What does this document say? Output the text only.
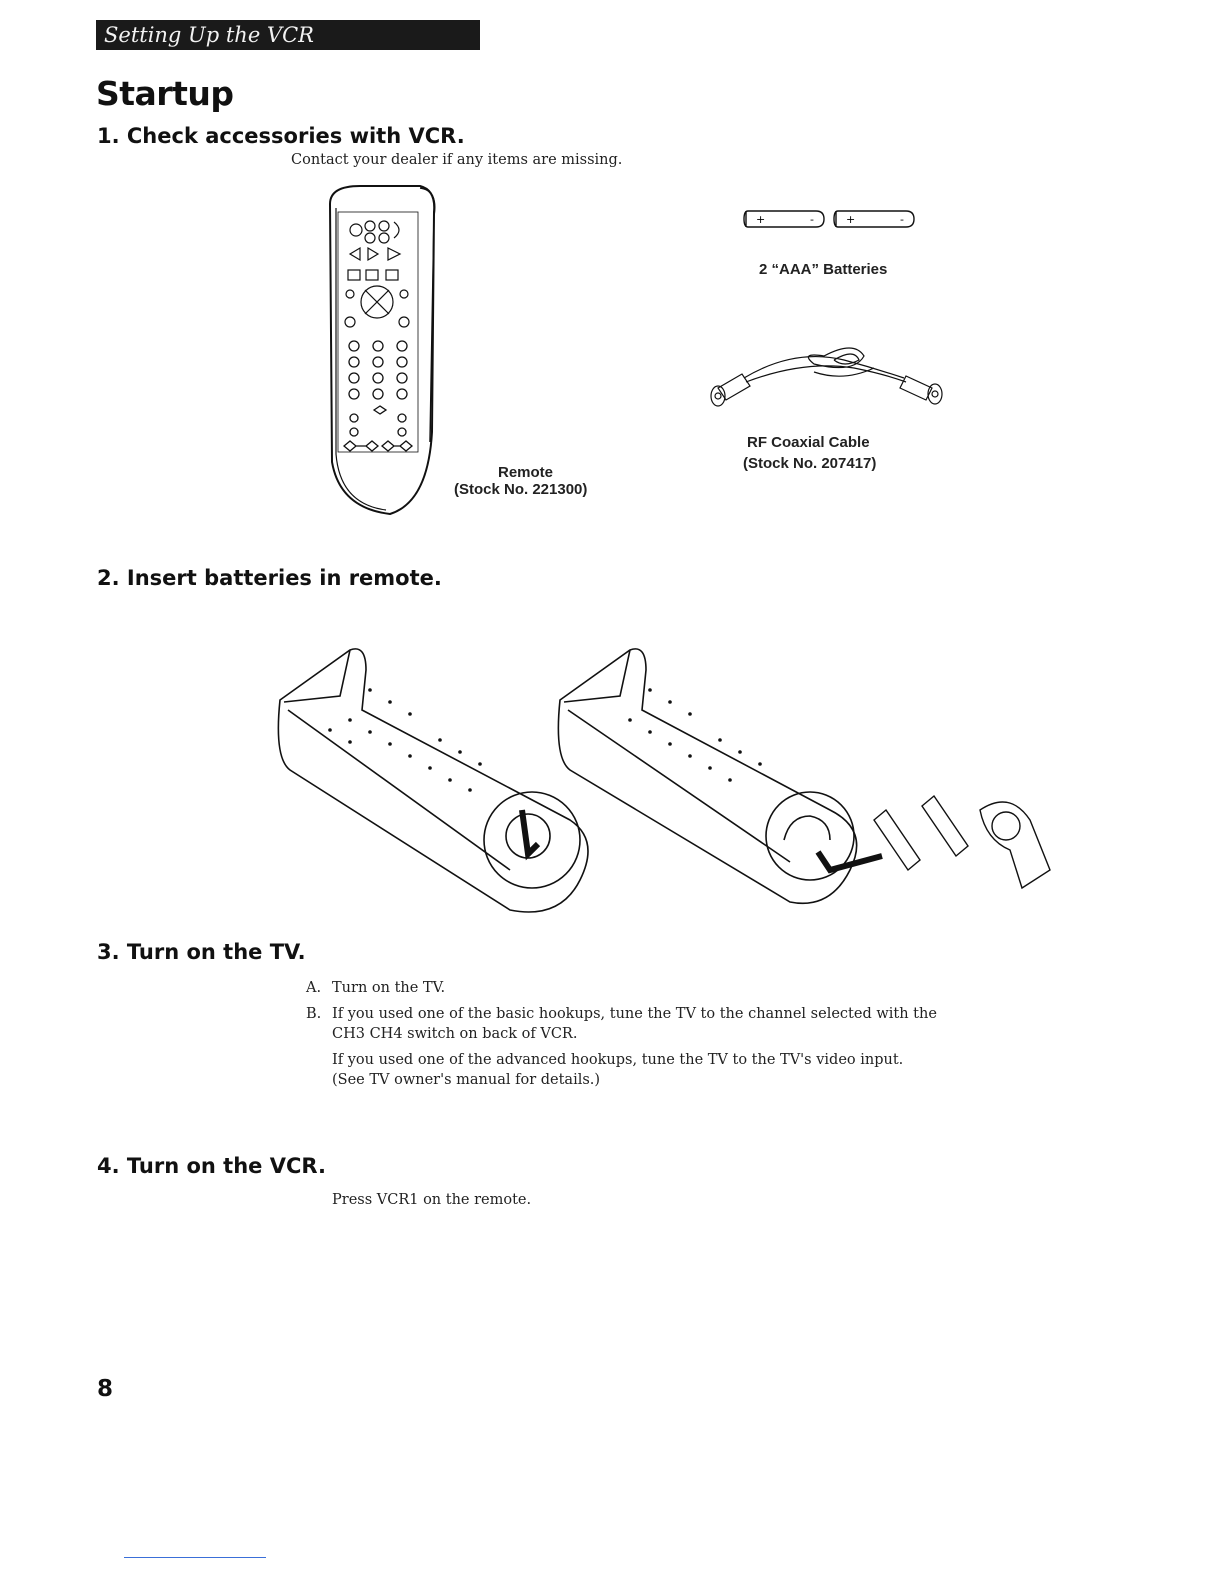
Setting Up the VCR
Startup
1. Check accessories with VCR.
Contact your dealer if any items are missing.
Remote
(Stock No. 221300)
+	-	+	-
2 “AAA” Batteries
RF Coaxial Cable
(Stock No. 207417)
2. Insert batteries in remote.
3. Turn on the TV.
A. Turn on the TV.
B. If you used one of the basic hookups, tune the TV to the channel selected with the
CH3 CH4 switch on back of VCR.
If you used one of the advanced hookups, tune the TV to the TV's video input.
(See TV owner's manual for details.)
4. Turn on the VCR.
Press VCR1 on the remote.
8
